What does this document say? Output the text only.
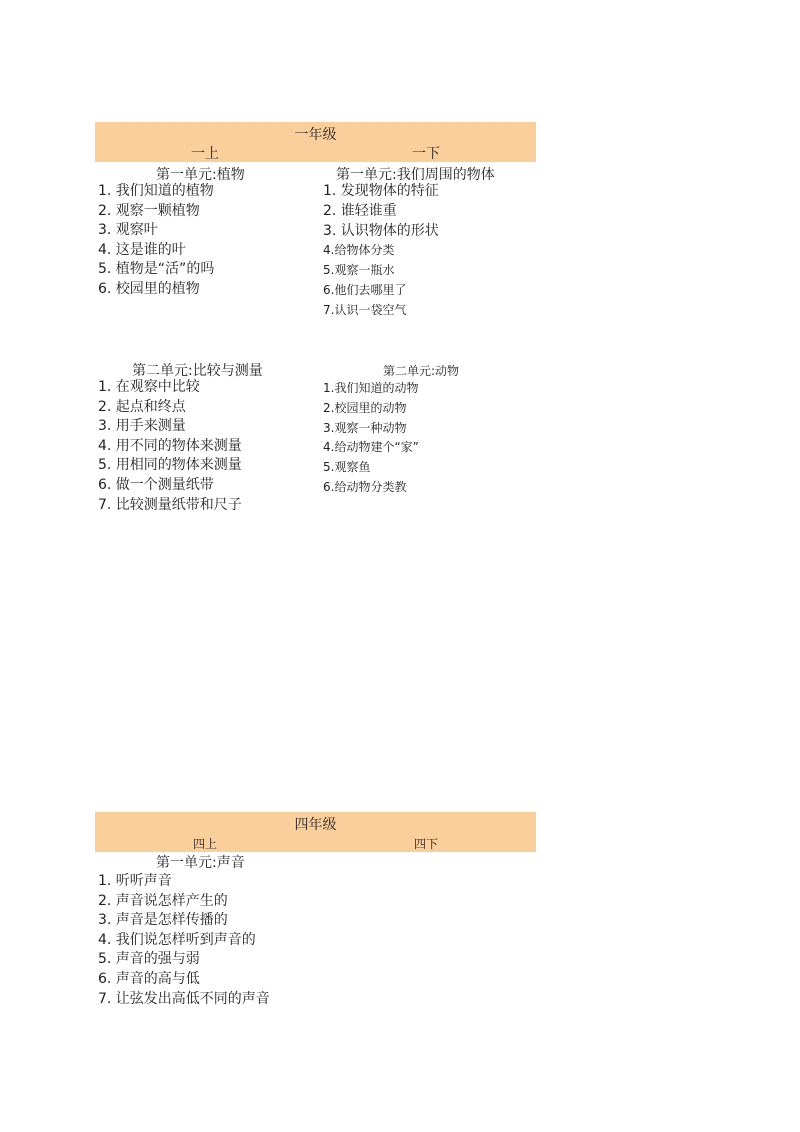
一年级
一上	一下
第一单元:植物
1. 我们知道的植物
2. 观察一颗植物
3. 观察叶
4. 这是谁的叶
5. 植物是“活”的吗
6. 校园里的植物
第一单元:我们周围的物体
1. 发现物体的特征
2. 谁轻谁重
3. 认识物体的形状
4.给物体分类
5.观察一瓶水
6.他们去哪里了
7.认识一袋空气
第二单元:比较与测量
1. 在观察中比较
2. 起点和终点
3. 用手来测量
4. 用不同的物体来测量
5. 用相同的物体来测量
6. 做一个测量纸带
7. 比较测量纸带和尺子
第二单元:动物
1.我们知道的动物
2.校园里的动物
3.观察一种动物
4.给动物建个“家”
5.观察鱼
6.给动物分类教
四年级
四上	四下
第一单元:声音
1. 听听声音
2. 声音说怎样产生的
3. 声音是怎样传播的
4. 我们说怎样听到声音的
5. 声音的强与弱
6. 声音的高与低
7. 让弦发出高低不同的声音
